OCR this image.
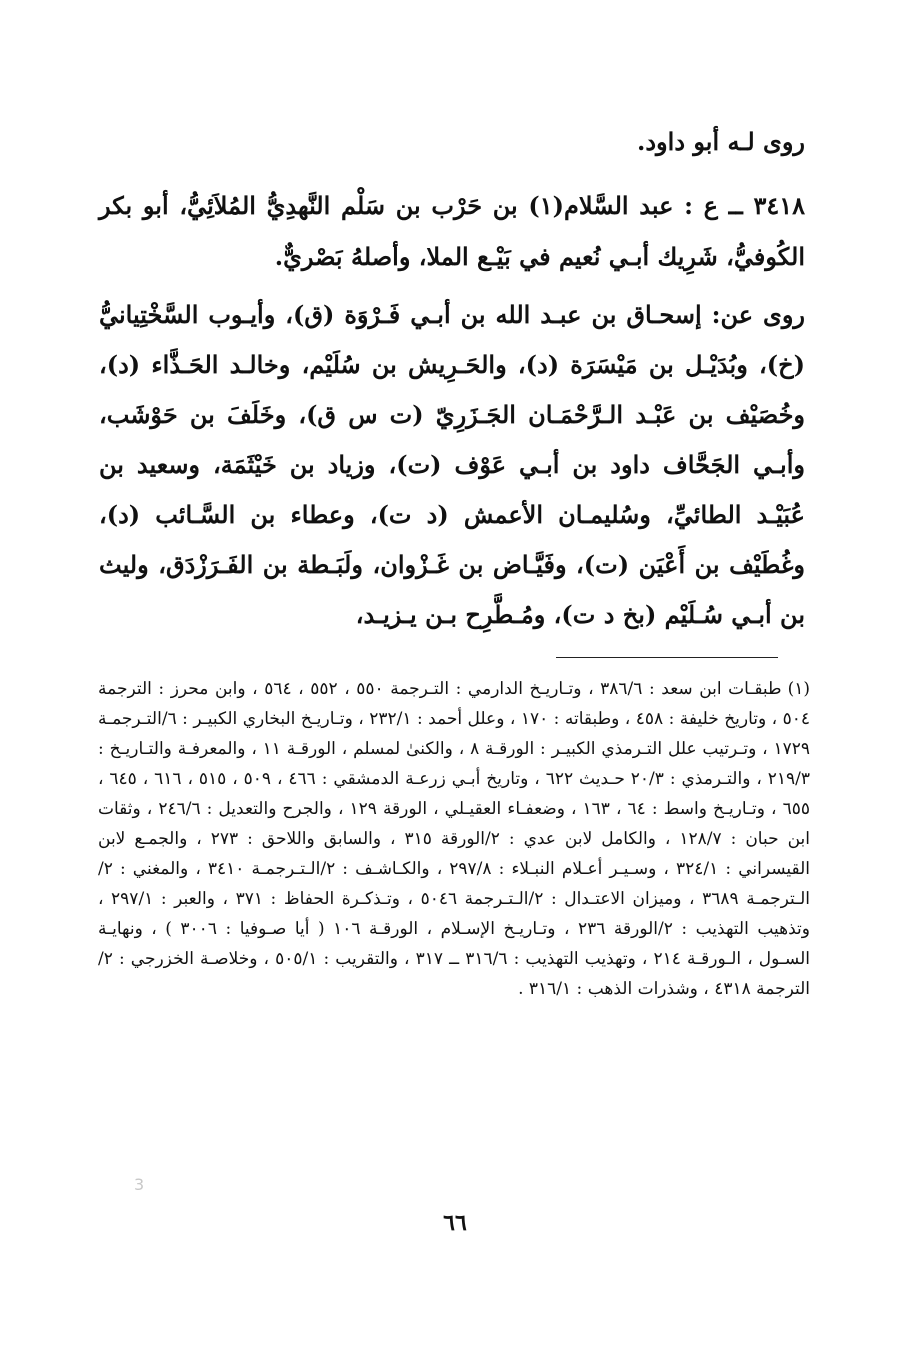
روى لـه أبو داود.

٣٤١٨ ــ ع : عبد السَّلام(١) بن حَرْب بن سَلْم النَّهدِيُّ المُلاَئِيُّ، أبو بكر الكُوفيُّ، شَرِيك أبـي نُعيم في بَيْـع الملا، وأصلهُ بَصْريٌّ.

روى عن: إسحـاق بن عبـد الله بن أبـي فَـرْوَة (ق)، وأيـوب السَّخْتِيانيُّ (خ)، وبُدَيْـل بن مَيْسَرَة (د)، والحَـرِيش بن سُلَيْم، وخالـد الحَـذَّاء (د)، وخُصَيْف بن عَبْـد الـرَّحْمَـان الجَـزَرِيّ (ت س ق)، وخَلَفَ بن حَوْشَب، وأبـي الجَحَّاف داود بن أبـي عَوْف (ت)، وزياد بن خَيْثَمَة، وسعيد بن عُبَيْـد الطائيِّ، وسُليمـان الأعمش (د ت)، وعطاء بن السَّـائب (د)، وغُطَيْف بن أَعْيَن (ت)، وفَيَّـاض بن غَـزْوان، ولَبَـطة بن الفَـرَزْدَق، وليث بن أبـي سُـلَيْم (بخ د ت)، ومُـطَّرِح بـن يـزيـد،

(١)طبقـات ابن سعد : ٣٨٦/٦ ، وتـاريـخ الدارمي : التـرجمة ٥٥٠ ، ٥٥٢ ، ٥٦٤ ، وابن محرز : الترجمة ٥٠٤ ، وتاريخ خليفة : ٤٥٨ ، وطبقاته : ١٧٠ ، وعلل أحمد : ٢٣٢/١ ، وتـاريـخ البخاري الكبيـر : ٦/التـرجمـة ١٧٢٩ ، وتـرتيب علل التـرمذي الكبيـر : الورقـة ٨ ، والكنىٰ لمسلم ، الورقـة ١١ ، والمعرفـة والتـاريـخ : ٢١٩/٣ ، والتـرمذي : ٢٠/٣ حـديث ٦٢٢ ، وتاريخ أبـي زرعـة الدمشقي : ٤٦٦ ، ٥٠٩ ، ٥١٥ ، ٦١٦ ، ٦٤٥ ، ٦٥٥ ، وتـاريـخ واسط : ٦٤ ، ١٦٣ ، وضعفـاء العقيـلي ، الورقة ١٢٩ ، والجرح والتعديل : ٢٤٦/٦ ، وثقات ابن حبان : ١٢٨/٧ ، والكامل لابن عدي : ٢/الورقة ٣١٥ ، والسابق واللاحق : ٢٧٣ ، والجمـع لابن القيسراني : ٣٢٤/١ ، وسـيـر أعـلام النبـلاء : ٢٩٧/٨ ، والكـاشـف : ٢/الـتـرجمـة ٣٤١٠ ، والمغني : ٢/الـترجمـة ٣٦٨٩ ، وميزان الاعتـدال : ٢/الـتـرجمة ٥٠٤٦ ، وتـذكـرة الحفاظ : ٣٧١ ، والعبر : ٢٩٧/١ ، وتذهيب التهذيب : ٢/الورقة ٢٣٦ ، وتـاريـخ الإسـلام ، الورقـة ١٠٦ ( أيا صـوفيا : ٣٠٠٦ ) ، ونهايـة السـول ، الـورقـة ٢١٤ ، وتهذيب التهذيب : ٣١٦/٦ ــ ٣١٧ ، والتقريب : ٥٠٥/١ ، وخلاصـة الخزرجي : ٢/الترجمة ٤٣١٨ ، وشذرات الذهب : ٣١٦/١ .
3
٦٦
